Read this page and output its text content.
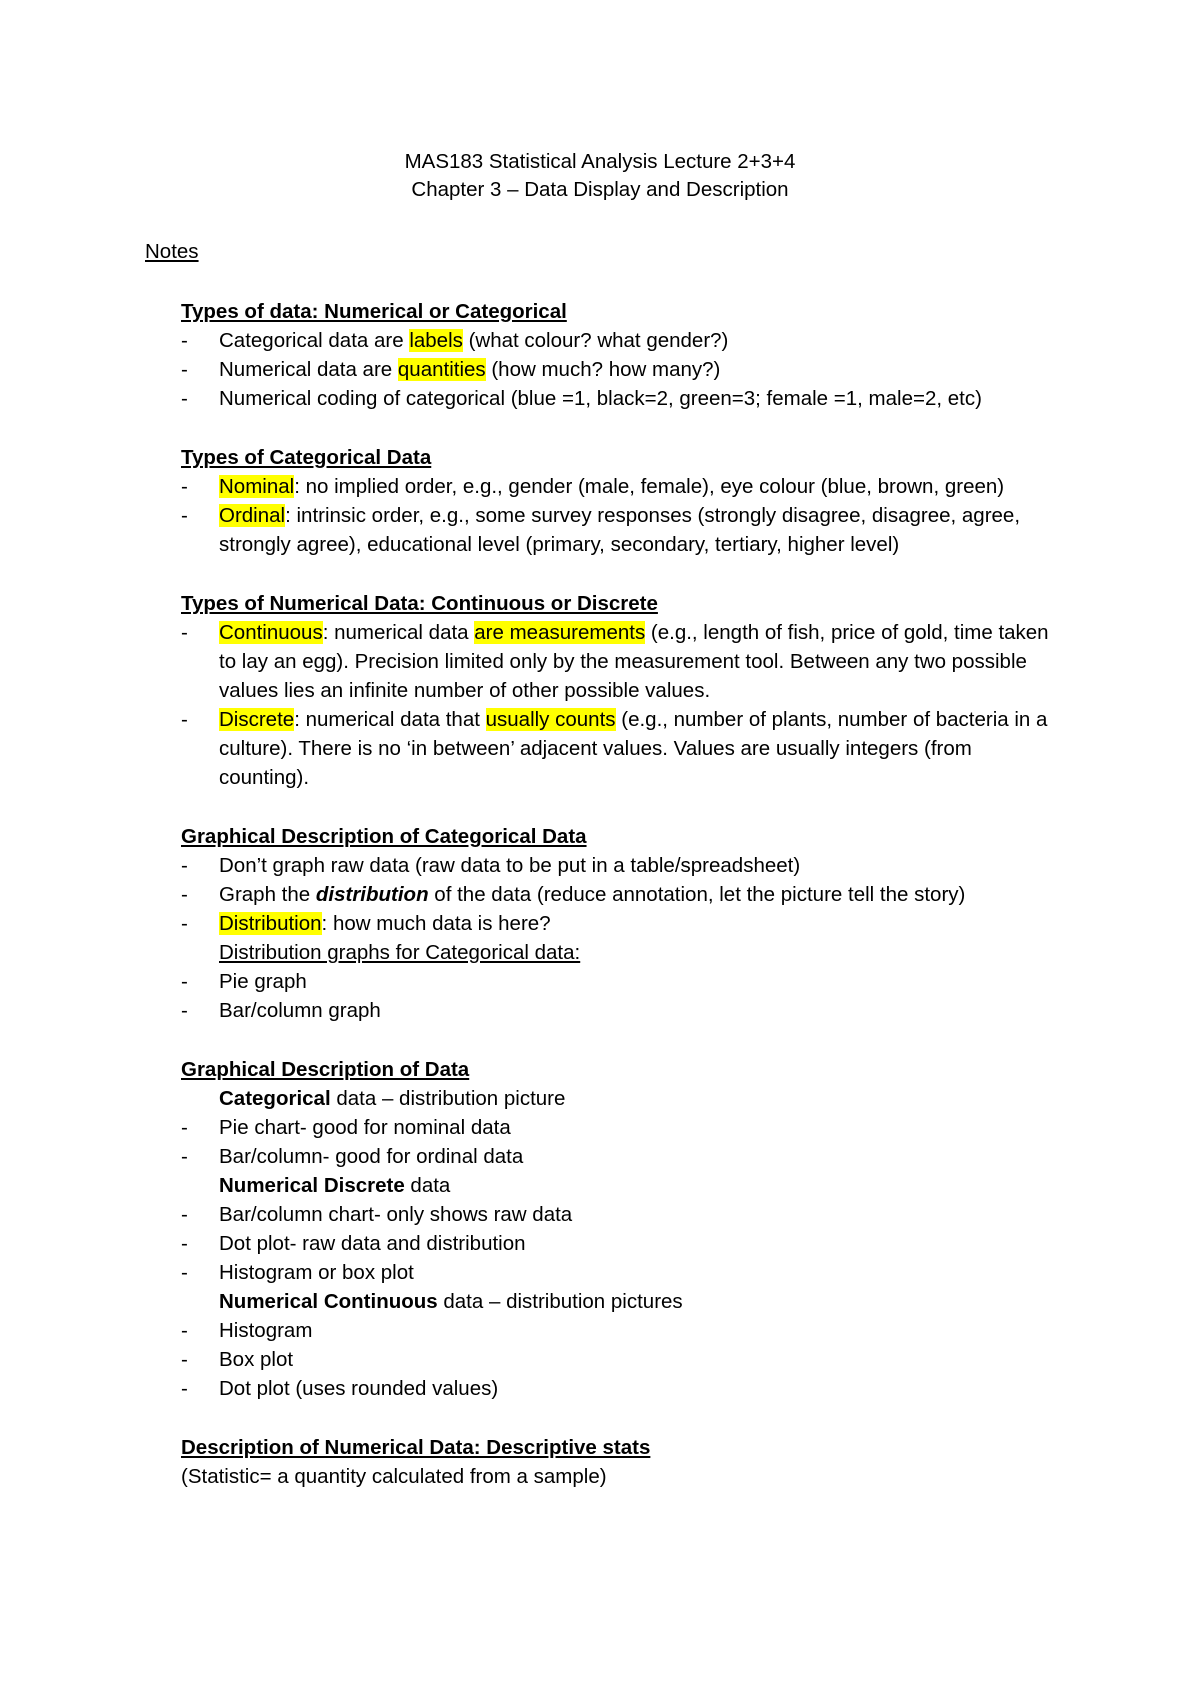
MAS183 Statistical Analysis Lecture 2+3+4
Chapter 3 – Data Display and Description
Notes
Types of data: Numerical or Categorical
- Categorical data are labels (what colour? what gender?)
- Numerical data are quantities (how much? how many?)
- Numerical coding of categorical (blue =1, black=2, green=3; female =1, male=2, etc)
Types of Categorical Data
- Nominal: no implied order, e.g., gender (male, female), eye colour (blue, brown, green)
- Ordinal: intrinsic order, e.g., some survey responses (strongly disagree, disagree, agree, strongly agree), educational level (primary, secondary, tertiary, higher level)
Types of Numerical Data: Continuous or Discrete
- Continuous: numerical data are measurements (e.g., length of fish, price of gold, time taken to lay an egg). Precision limited only by the measurement tool. Between any two possible values lies an infinite number of other possible values.
- Discrete: numerical data that usually counts (e.g., number of plants, number of bacteria in a culture). There is no ‘in between’ adjacent values. Values are usually integers (from counting).
Graphical Description of Categorical Data
- Don’t graph raw data (raw data to be put in a table/spreadsheet)
- Graph the distribution of the data (reduce annotation, let the picture tell the story)
- Distribution: how much data is here?
Distribution graphs for Categorical data:
- Pie graph
- Bar/column graph
Graphical Description of Data
Categorical data – distribution picture
- Pie chart- good for nominal data
- Bar/column- good for ordinal data
Numerical Discrete data
- Bar/column chart- only shows raw data
- Dot plot- raw data and distribution
- Histogram or box plot
Numerical Continuous data – distribution pictures
- Histogram
- Box plot
- Dot plot (uses rounded values)
Description of Numerical Data: Descriptive stats
(Statistic= a quantity calculated from a sample)
